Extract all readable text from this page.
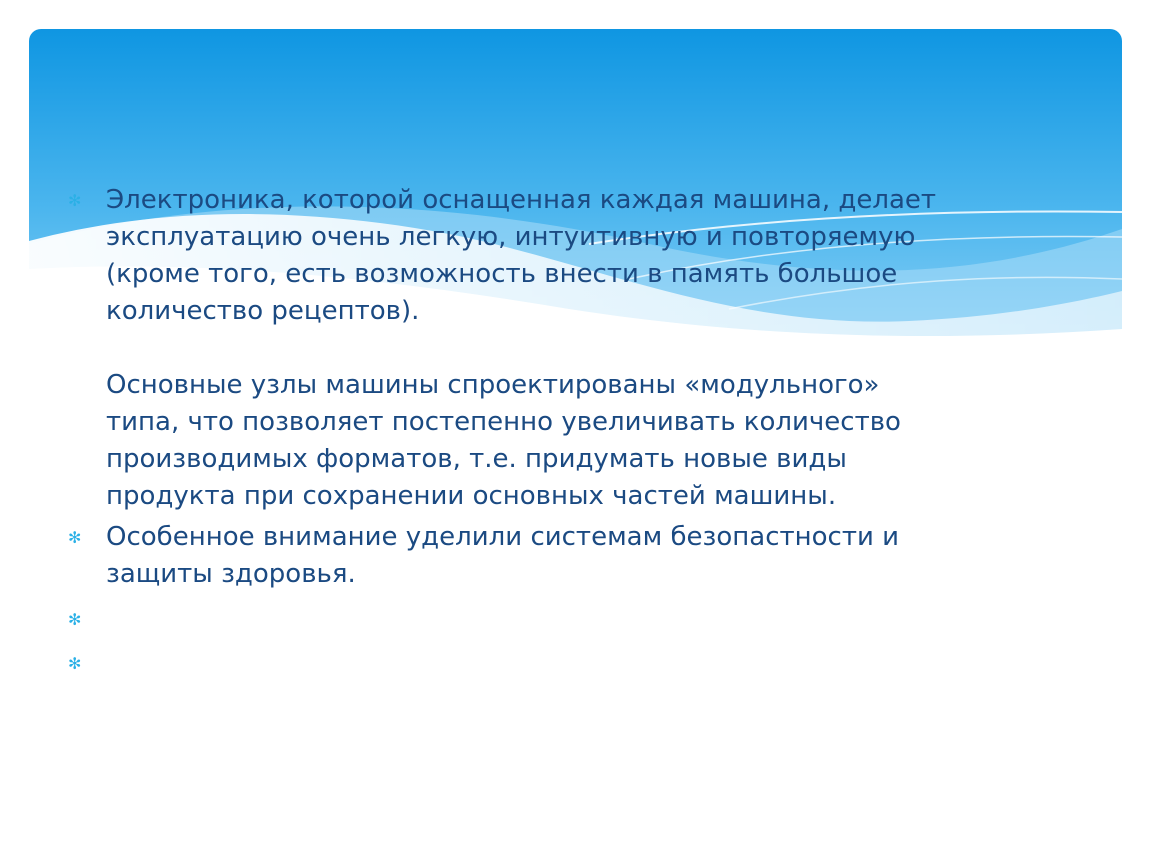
✻ Электроника, которой оснащенная каждая машина, делает
эксплуатацию очень легкую, интуитивную и повторяемую
(кроме того, есть возможность внести в память большое
количество рецептов).
Основные узлы машины спроектированы «модульного»
типа, что позволяет постепенно увеличивать количество
производимых форматов, т.е. придумать новые виды
продукта при сохранении основных частей машины.
✻ Особенное внимание уделили системам безопастности и
защиты здоровья.
✻
✻
